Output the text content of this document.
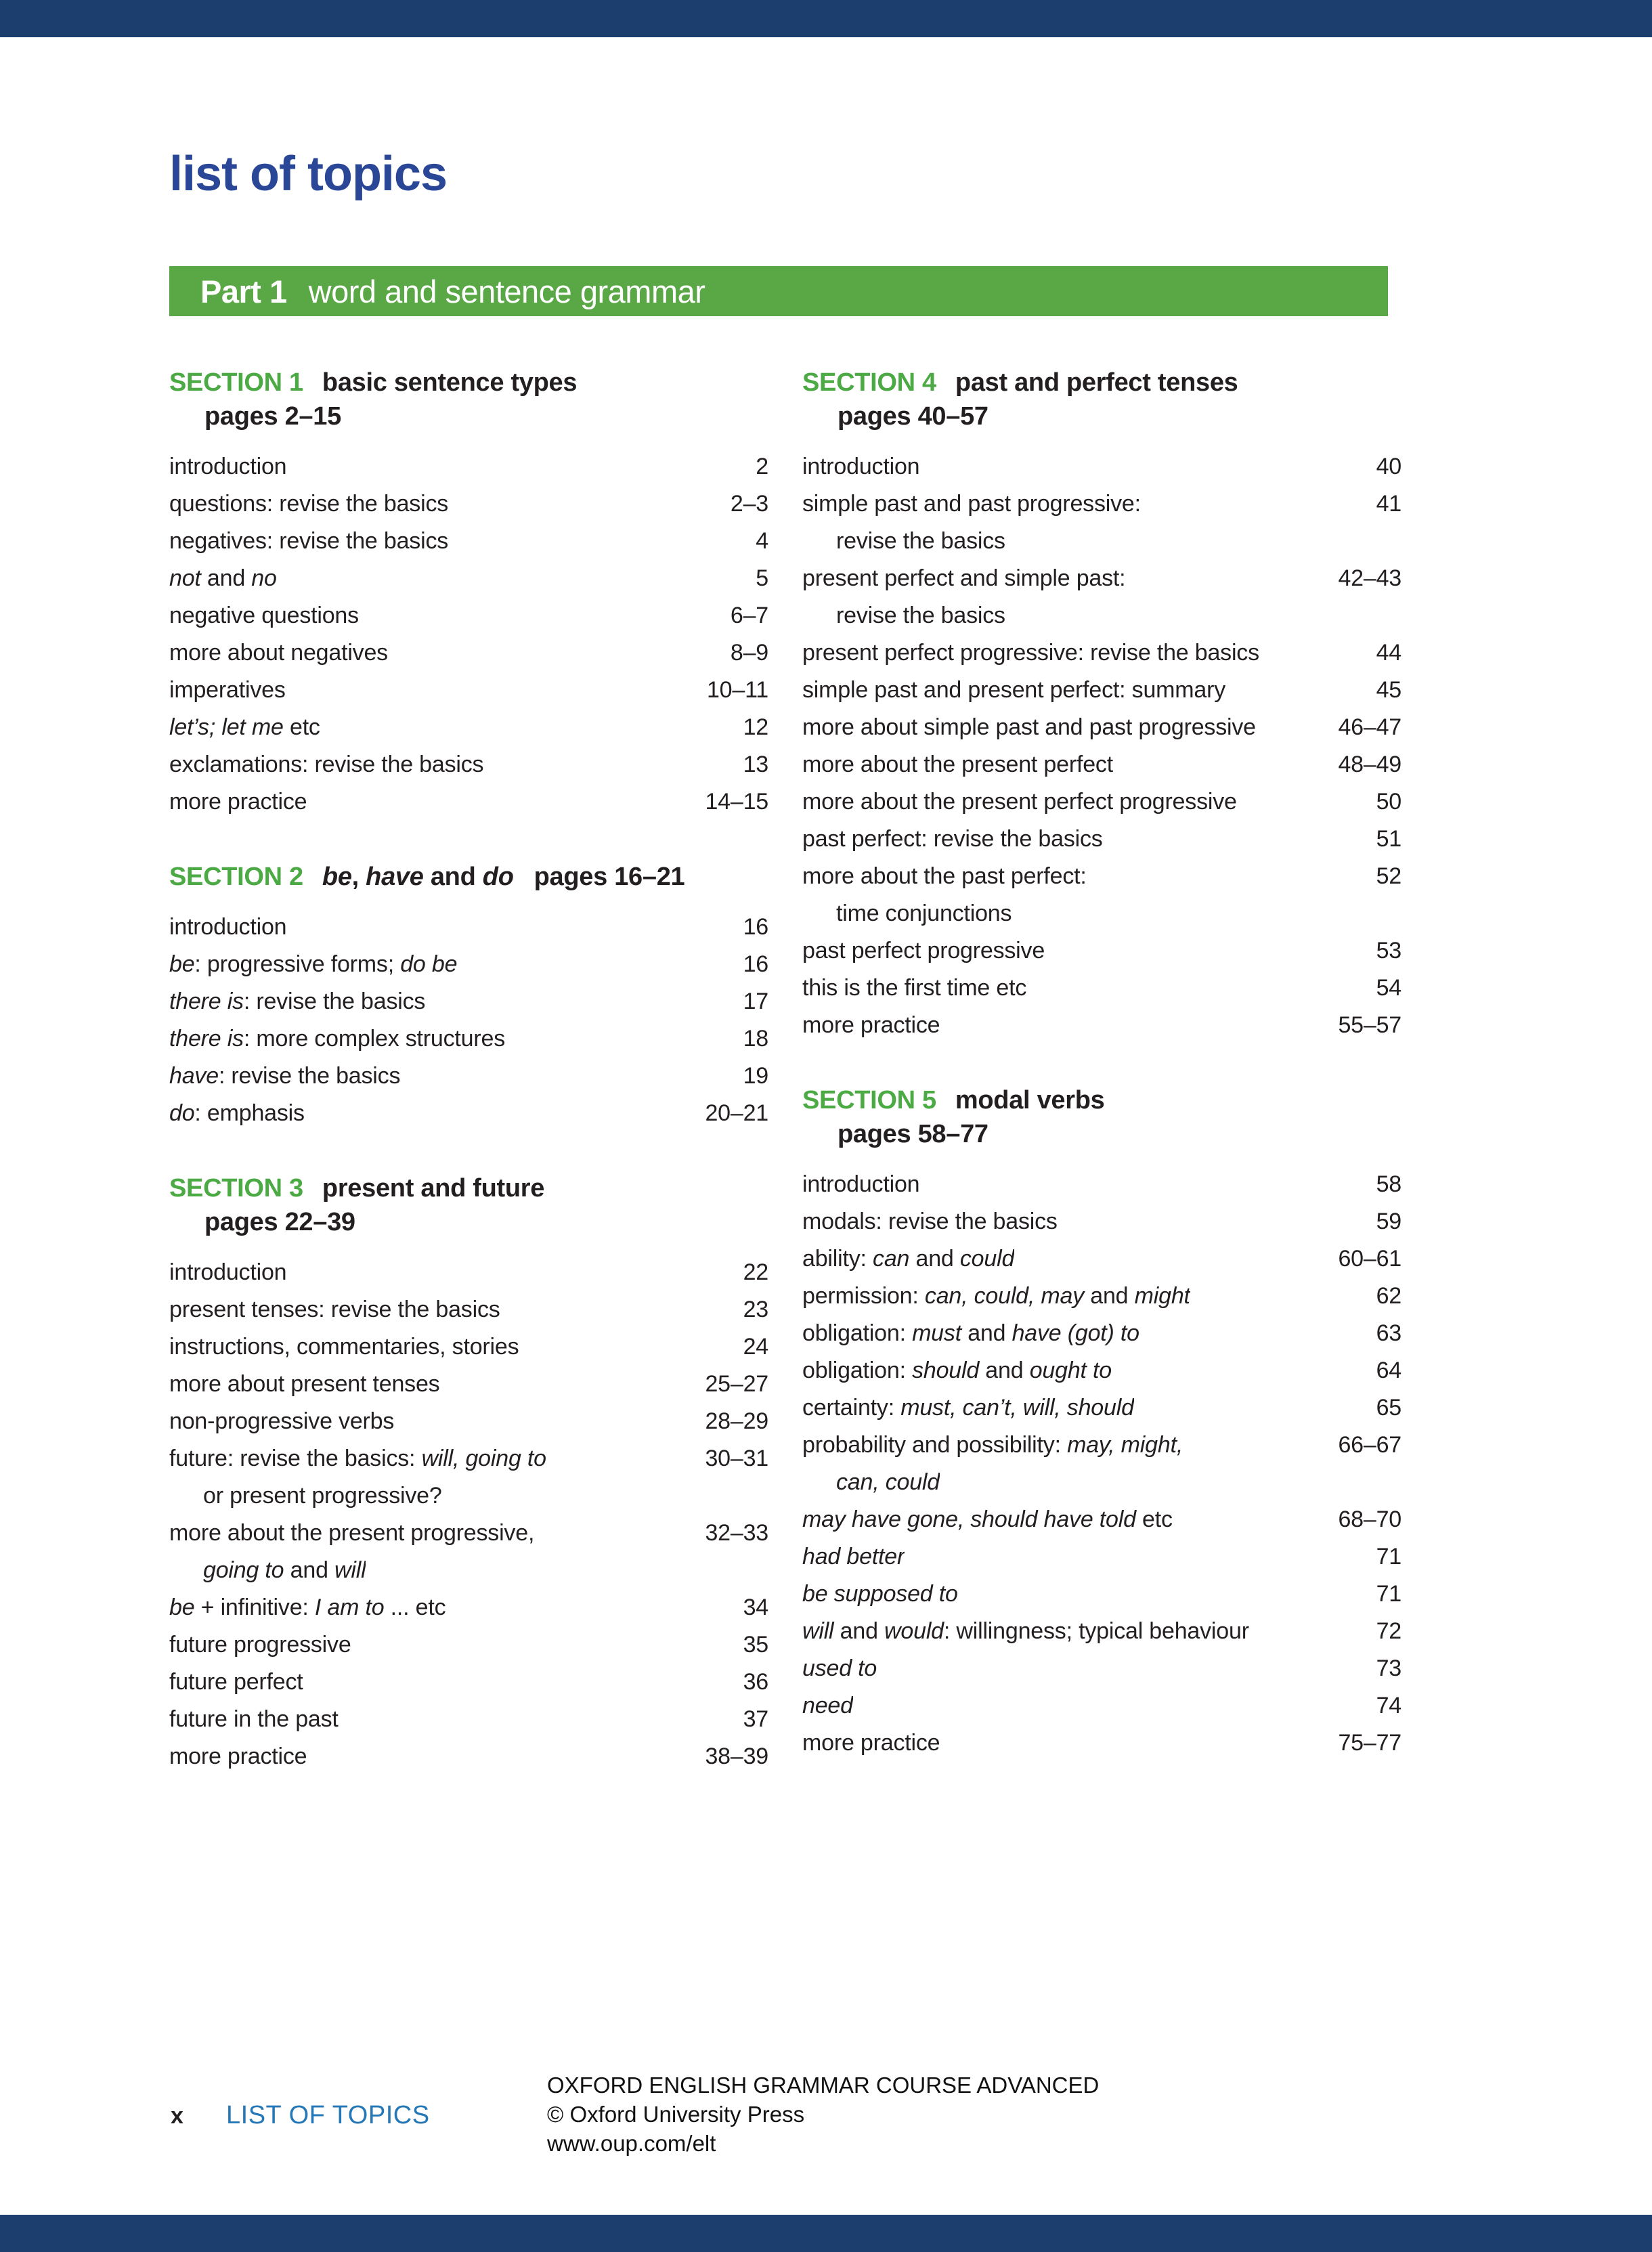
list of topics
Part 1 word and sentence grammar
SECTION 1 basic sentence types
pages 2–15
introduction	2
questions: revise the basics	2–3
negatives: revise the basics	4
not and no	5
negative questions	6–7
more about negatives	8–9
imperatives	10–11
let’s; let me etc	12
exclamations: revise the basics	13
more practice	14–15
SECTION 2 be, have and do pages 16–21
introduction	16
be: progressive forms; do be	16
there is: revise the basics	17
there is: more complex structures	18
have: revise the basics	19
do: emphasis	20–21
SECTION 3 present and future
pages 22–39
introduction	22
present tenses: revise the basics	23
instructions, commentaries, stories	24
more about present tenses	25–27
non-progressive verbs	28–29
future: revise the basics: will, going to	30–31
or present progressive?
more about the present progressive,	32–33
going to and will
be + infinitive: I am to ... etc	34
future progressive	35
future perfect	36
future in the past	37
more practice	38–39
SECTION 4 past and perfect tenses
pages 40–57
introduction	40
simple past and past progressive:	41
revise the basics
present perfect and simple past:	42–43
revise the basics
present perfect progressive: revise the basics	44
simple past and present perfect: summary	45
more about simple past and past progressive	46–47
more about the present perfect	48–49
more about the present perfect progressive	50
past perfect: revise the basics	51
more about the past perfect:	52
time conjunctions
past perfect progressive	53
this is the first time etc	54
more practice	55–57
SECTION 5 modal verbs
pages 58–77
introduction	58
modals: revise the basics	59
ability: can and could	60–61
permission: can, could, may and might	62
obligation: must and have (got) to	63
obligation: should and ought to	64
certainty: must, can’t, will, should	65
probability and possibility: may, might,	66–67
can, could
may have gone, should have told etc	68–70
had better	71
be supposed to	71
will and would: willingness; typical behaviour	72
used to	73
need	74
more practice	75–77
x LIST OF TOPICS
OXFORD ENGLISH GRAMMAR COURSE ADVANCED
© Oxford University Press
www.oup.com/elt
